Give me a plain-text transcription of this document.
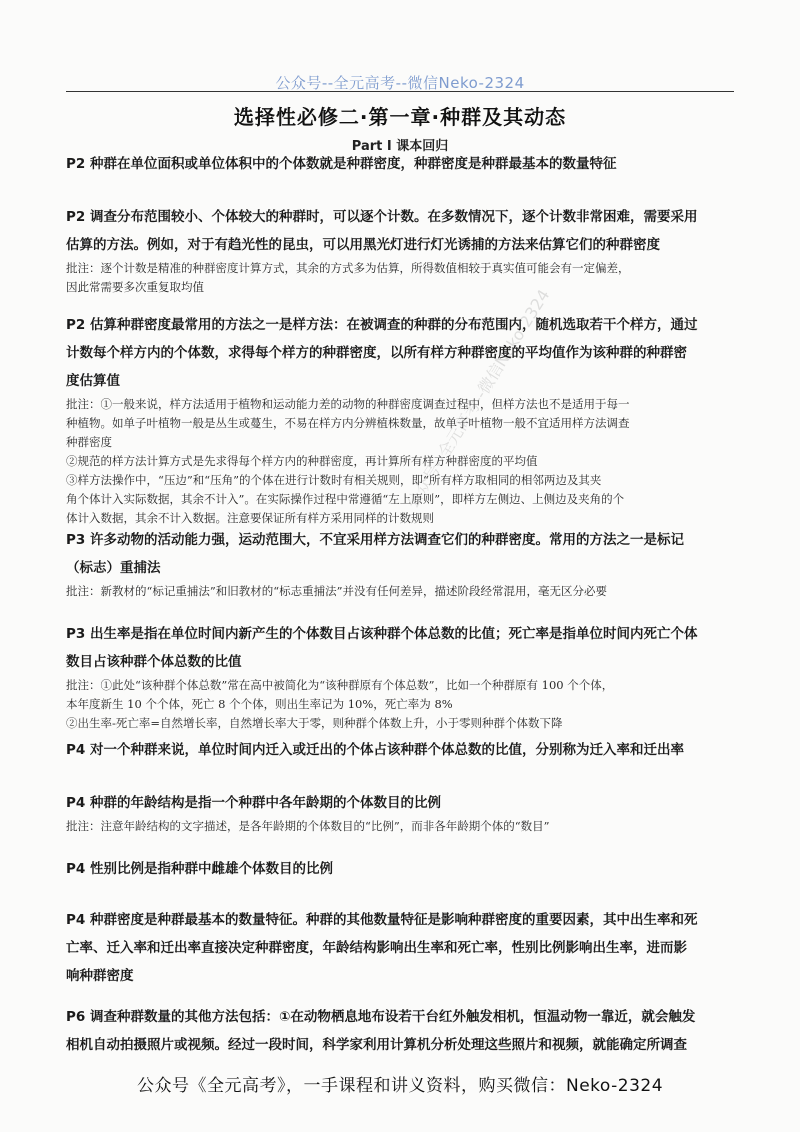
公众号--全元高考--微信Neko-2324
选择性必修二·第一章·种群及其动态
Part I 课本回归

P2 种群在单位面积或单位体积中的个体数就是种群密度，种群密度是种群最基本的数量特征

P2 调查分布范围较小、个体较大的种群时，可以逐个计数。在多数情况下，逐个计数非常困难，需要采用

估算的方法。例如，对于有趋光性的昆虫，可以用黑光灯进行灯光诱捕的方法来估算它们的种群密度

批注：逐个计数是精准的种群密度计算方式，其余的方式多为估算，所得数值相较于真实值可能会有一定偏差，

因此常需要多次重复取均值

P2 估算种群密度最常用的方法之一是样方法：在被调查的种群的分布范围内，随机选取若干个样方，通过

计数每个样方内的个体数，求得每个样方的种群密度，以所有样方种群密度的平均值作为该种群的种群密

度估算值

批注：①一般来说，样方法适用于植物和运动能力差的动物的种群密度调查过程中，但样方法也不是适用于每一

种植物。如单子叶植物一般是丛生或蔓生，不易在样方内分辨植株数量，故单子叶植物一般不宜适用样方法调查

种群密度

②规范的样方法计算方式是先求得每个样方内的种群密度，再计算所有样方种群密度的平均值

③样方法操作中，“压边”和“压角”的个体在进行计数时有相关规则，即“所有样方取相同的相邻两边及其夹

角个体计入实际数据，其余不计入”。在实际操作过程中常遵循“左上原则”，即样方左侧边、上侧边及夹角的个

体计入数据，其余不计入数据。注意要保证所有样方采用同样的计数规则

P3 许多动物的活动能力强，运动范围大，不宜采用样方法调查它们的种群密度。常用的方法之一是标记

（标志）重捕法

批注：新教材的“标记重捕法”和旧教材的“标志重捕法”并没有任何差异，描述阶段经常混用，毫无区分必要

P3 出生率是指在单位时间内新产生的个体数目占该种群个体总数的比值；死亡率是指单位时间内死亡个体

数目占该种群个体总数的比值

批注：①此处“该种群个体总数”常在高中被简化为“该种群原有个体总数”，比如一个种群原有 100 个个体，

本年度新生 10 个个体，死亡 8 个个体，则出生率记为 10%，死亡率为 8%

②出生率-死亡率=自然增长率，自然增长率大于零，则种群个体数上升，小于零则种群个体数下降

P4 对一个种群来说，单位时间内迁入或迁出的个体占该种群个体总数的比值，分别称为迁入率和迁出率

P4 种群的年龄结构是指一个种群中各年龄期的个体数目的比例

批注：注意年龄结构的文字描述，是各年龄期的个体数目的“比例”，而非各年龄期个体的“数目”

P4 性别比例是指种群中雌雄个体数目的比例

P4 种群密度是种群最基本的数量特征。种群的其他数量特征是影响种群密度的重要因素，其中出生率和死

亡率、迁入率和迁出率直接决定种群密度，年龄结构影响出生率和死亡率，性别比例影响出生率，进而影

响种群密度

P6 调查种群数量的其他方法包括：①在动物栖息地布设若干台红外触发相机，恒温动物一靠近，就会触发

相机自动拍摄照片或视频。经过一段时间，科学家利用计算机分析处理这些照片和视频，就能确定所调查

公众号--全元高考--微信Neko-2324
公众号《全元高考》，一手课程和讲义资料，购买微信：Neko-2324
